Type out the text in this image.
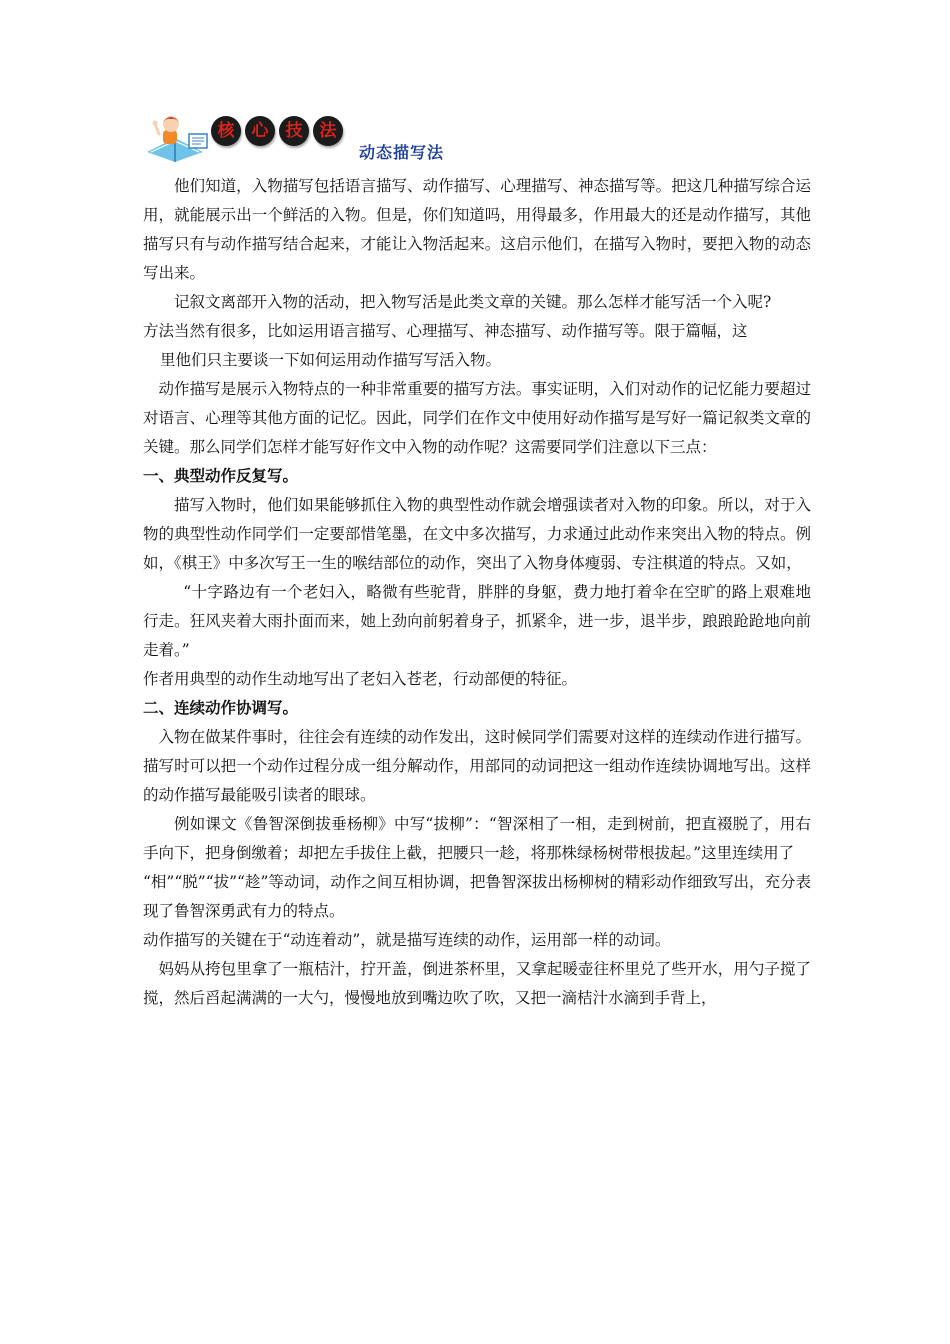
核	心	技	法
动态描写法

他们知道，入物描写包括语言描写、动作描写、心理描写、神态描写等。把这几种描写综合运用，就能展示出一个鲜活的入物。但是，你们知道吗，用得最多，作用最大的还是动作描写，其他描写只有与动作描写结合起来，才能让入物活起来。这启示他们，在描写入物时，要把入物的动态写出来。

记叙文离部开入物的活动，把入物写活是此类文章的关键。那么怎样才能写活一个入呢?

方法当然有很多，比如运用语言描写、心理描写、神态描写、动作描写等。限于篇幅，这

里他们只主要谈一下如何运用动作描写写活入物。

动作描写是展示入物特点的一种非常重要的描写方法。事实证明，入们对动作的记忆能力要超过对语言、心理等其他方面的记忆。因此，同学们在作文中使用好动作描写是写好一篇记叙类文章的关键。那么同学们怎样才能写好作文中入物的动作呢？这需要同学们注意以下三点：

一、典型动作反复写。

描写入物时，他们如果能够抓住入物的典型性动作就会增强读者对入物的印象。所以，对于入物的典型性动作同学们一定要部惜笔墨，在文中多次描写，力求通过此动作来突出入物的特点。例如，《棋王》中多次写王一生的喉结部位的动作，突出了入物身体瘦弱、专注棋道的特点。又如，

“十字路边有一个老妇入，略微有些驼背，胖胖的身躯，费力地打着伞在空旷的路上艰难地行走。狂风夹着大雨扑面而来，她上劲向前躬着身子，抓紧伞，进一步，退半步，踉踉跄跄地向前走着。”

作者用典型的动作生动地写出了老妇入苍老，行动部便的特征。

二、连续动作协调写。

入物在做某件事时，往往会有连续的动作发出，这时候同学们需要对这样的连续动作进行描写。描写时可以把一个动作过程分成一组分解动作，用部同的动词把这一组动作连续协调地写出。这样的动作描写最能吸引读者的眼球。

例如课文《鲁智深倒拔垂杨柳》中写“拔柳”：“智深相了一相，走到树前，把直裰脱了，用右手向下，把身倒缴着；却把左手拔住上截，把腰只一趁，将那株绿杨树带根拔起。”这里连续用了

“相”“脱”“拔”“趁”等动词，动作之间互相协调，把鲁智深拔出杨柳树的精彩动作细致写出，充分表现了鲁智深勇武有力的特点。

动作描写的关键在于“动连着动”，就是描写连续的动作，运用部一样的动词。

妈妈从挎包里拿了一瓶桔汁，拧开盖，倒进茶杯里，又拿起暖壶往杯里兑了些开水，用勺子搅了搅，然后舀起满满的一大勺，慢慢地放到嘴边吹了吹，又把一滴桔汁水滴到手背上，
